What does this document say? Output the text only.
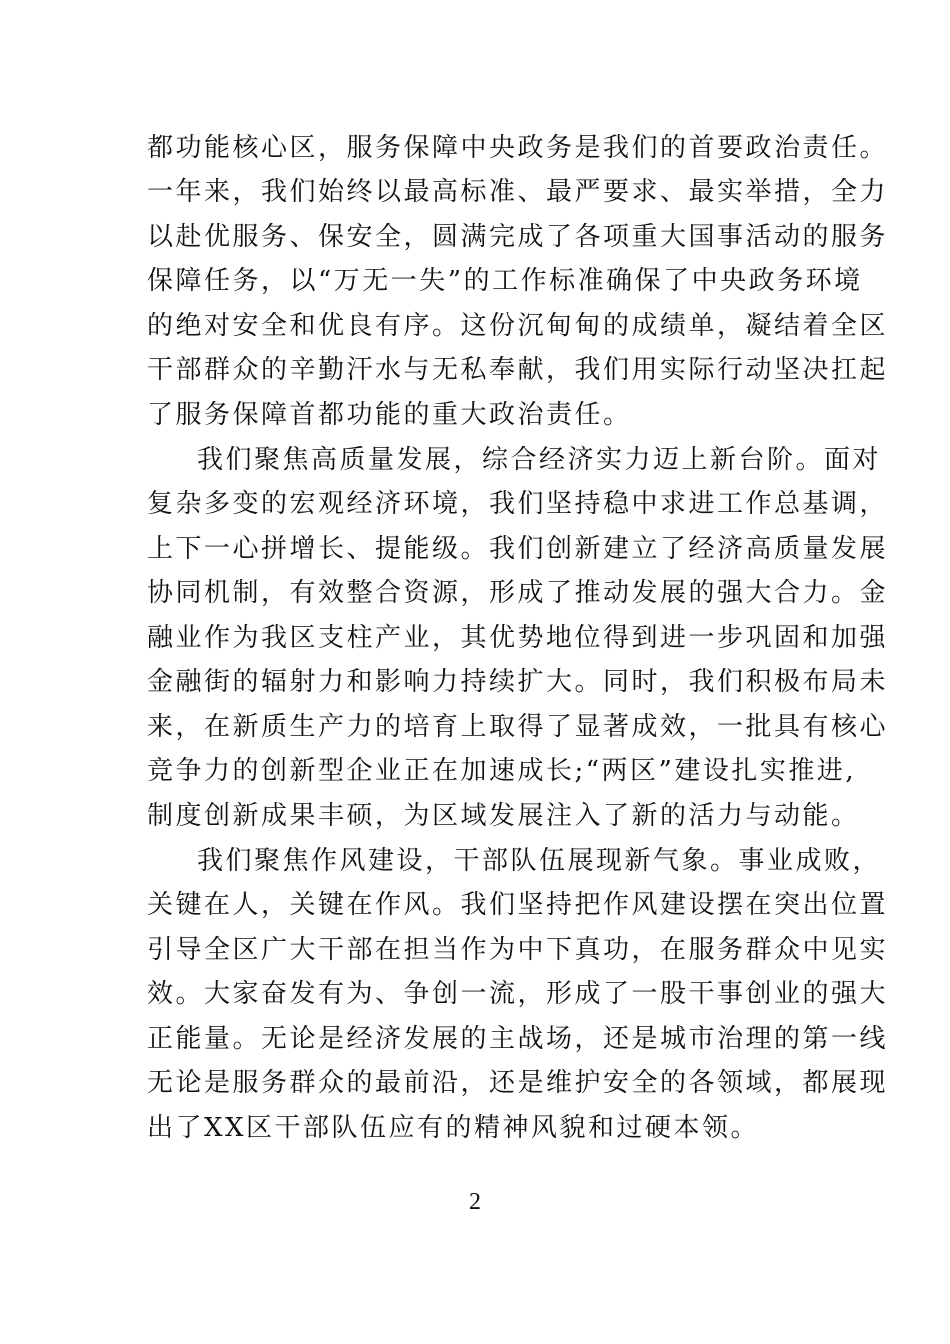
都功能核心区，服务保障中央政务是我们的首要政治责任。
一年来，我们始终以最高标准、最严要求、最实举措，全力
以赴优服务、保安全，圆满完成了各项重大国事活动的服务
保障任务，以“万无一失”的工作标准确保了中央政务环境
的绝对安全和优良有序。这份沉甸甸的成绩单，凝结着全区
干部群众的辛勤汗水与无私奉献，我们用实际行动坚决扛起
了服务保障首都功能的重大政治责任。
我们聚焦高质量发展，综合经济实力迈上新台阶。面对
复杂多变的宏观经济环境，我们坚持稳中求进工作总基调，
上下一心拼增长、提能级。我们创新建立了经济高质量发展
协同机制，有效整合资源，形成了推动发展的强大合力。金
融业作为我区支柱产业，其优势地位得到进一步巩固和加强
金融街的辐射力和影响力持续扩大。同时，我们积极布局未
来，在新质生产力的培育上取得了显著成效，一批具有核心
竞争力的创新型企业正在加速成长;“两区”建设扎实推进,
制度创新成果丰硕，为区域发展注入了新的活力与动能。
我们聚焦作风建设，干部队伍展现新气象。事业成败，
关键在人，关键在作风。我们坚持把作风建设摆在突出位置
引导全区广大干部在担当作为中下真功，在服务群众中见实
效。大家奋发有为、争创一流，形成了一股干事创业的强大
正能量。无论是经济发展的主战场，还是城市治理的第一线
无论是服务群众的最前沿，还是维护安全的各领域，都展现
出了XX区干部队伍应有的精神风貌和过硬本领。
2
